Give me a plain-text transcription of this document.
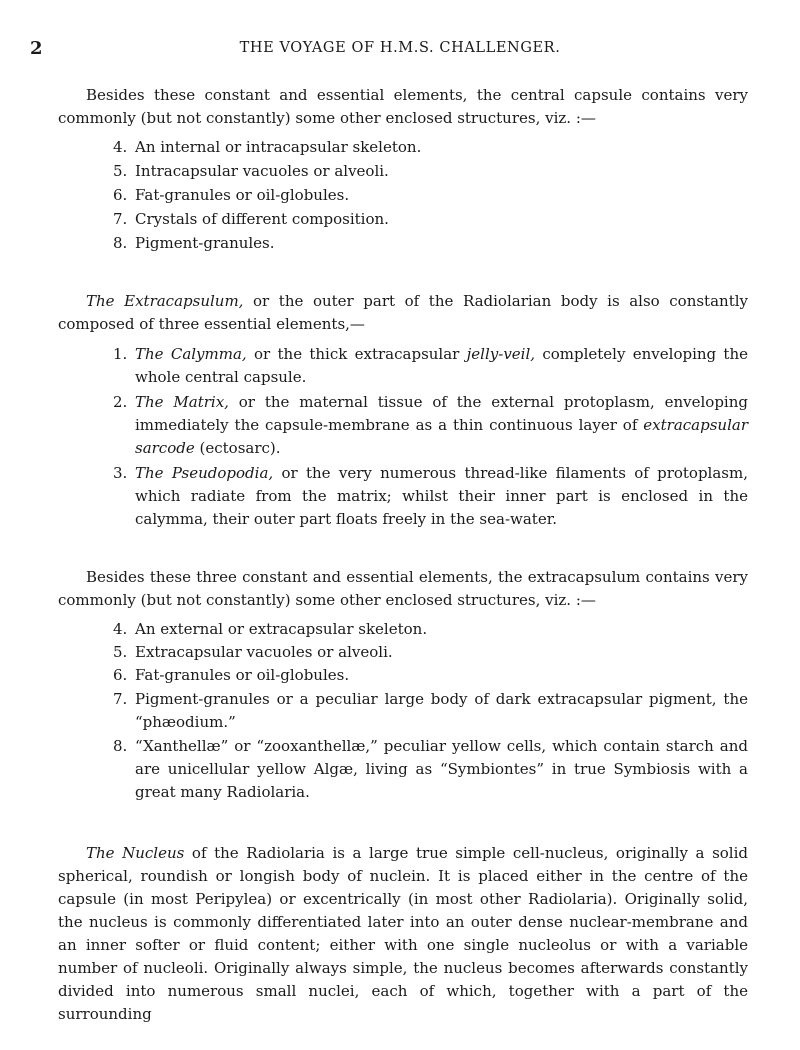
2	THE VOYAGE OF H.M.S. CHALLENGER.

Besides these constant and essential elements, the central capsule contains very commonly (but not constantly) some other enclosed structures, viz. :—

4. An internal or intracapsular skeleton.
5. Intracapsular vacuoles or alveoli.
6. Fat-granules or oil-globules.
7. Crystals of different composition.
8. Pigment-granules.

The Extracapsulum, or the outer part of the Radiolarian body is also constantly composed of three essential elements,—

1. The Calymma, or the thick extracapsular jelly-veil, completely enveloping the whole central capsule.
2. The Matrix, or the maternal tissue of the external protoplasm, enveloping immediately the capsule-membrane as a thin continuous layer of extracapsular sarcode (ectosarc).
3. The Pseudopodia, or the very numerous thread-like filaments of protoplasm, which radiate from the matrix; whilst their inner part is enclosed in the calymma, their outer part floats freely in the sea-water.

Besides these three constant and essential elements, the extracapsulum contains very commonly (but not constantly) some other enclosed structures, viz. :—

4. An external or extracapsular skeleton.
5. Extracapsular vacuoles or alveoli.
6. Fat-granules or oil-globules.
7. Pigment-granules or a peculiar large body of dark extracapsular pigment, the “phæodium.”
8. “Xanthellæ” or “zooxanthellæ,” peculiar yellow cells, which contain starch and are unicellular yellow Algæ, living as “Symbiontes” in true Symbiosis with a great many Radiolaria.

The Nucleus of the Radiolaria is a large true simple cell-nucleus, originally a solid spherical, roundish or longish body of nuclein. It is placed either in the centre of the capsule (in most Peripylea) or excentrically (in most other Radiolaria). Originally solid, the nucleus is commonly differentiated later into an outer dense nuclear-membrane and an inner softer or fluid content; either with one single nucleolus or with a variable number of nucleoli. Originally always simple, the nucleus becomes afterwards constantly divided into numerous small nuclei, each of which, together with a part of the surrounding
